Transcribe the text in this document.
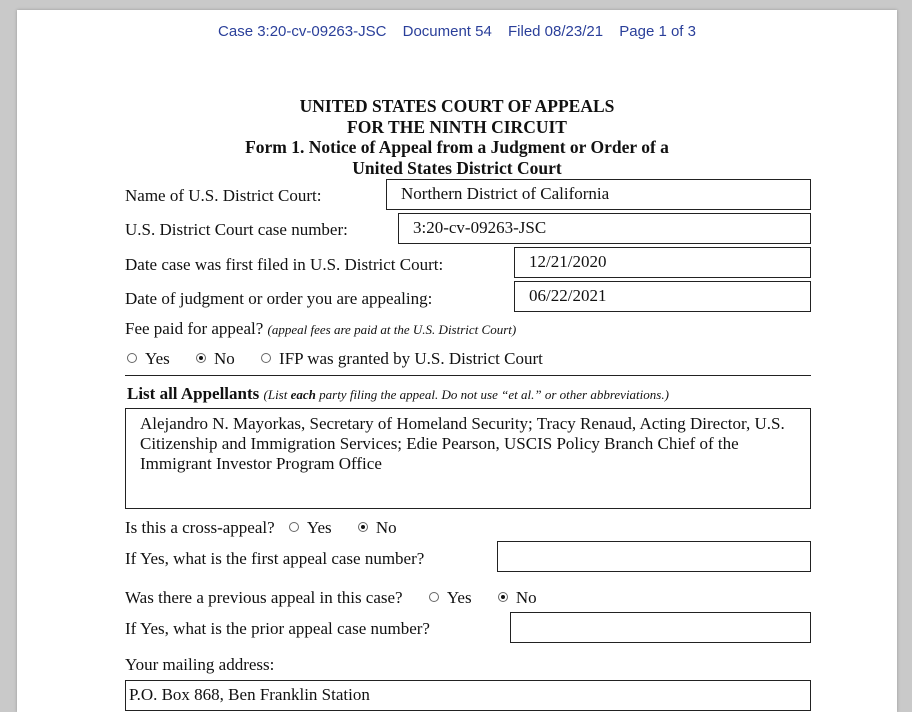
Case 3:20-cv-09263-JSC Document 54 Filed 08/23/21 Page 1 of 3
UNITED STATES COURT OF APPEALS
FOR THE NINTH CIRCUIT
Form 1. Notice of Appeal from a Judgment or Order of a
United States District Court
Name of U.S. District Court:	Northern District of California
U.S. District Court case number:	3:20-cv-09263-JSC
Date case was first filed in U.S. District Court:	12/21/2020
Date of judgment or order you are appealing:	06/22/2021
Fee paid for appeal? (appeal fees are paid at the U.S. District Court)
Yes	No	IFP was granted by U.S. District Court
List all Appellants (List each party filing the appeal. Do not use “et al.” or other abbreviations.)
Alejandro N. Mayorkas, Secretary of Homeland Security; Tracy Renaud, Acting Director, U.S. Citizenship and Immigration Services; Edie Pearson, USCIS Policy Branch Chief of the Immigrant Investor Program Office
Is this a cross-appeal? Yes	No
If Yes, what is the first appeal case number?
Was there a previous appeal in this case?	Yes	No
If Yes, what is the prior appeal case number?
Your mailing address:
P.O. Box 868, Ben Franklin Station
